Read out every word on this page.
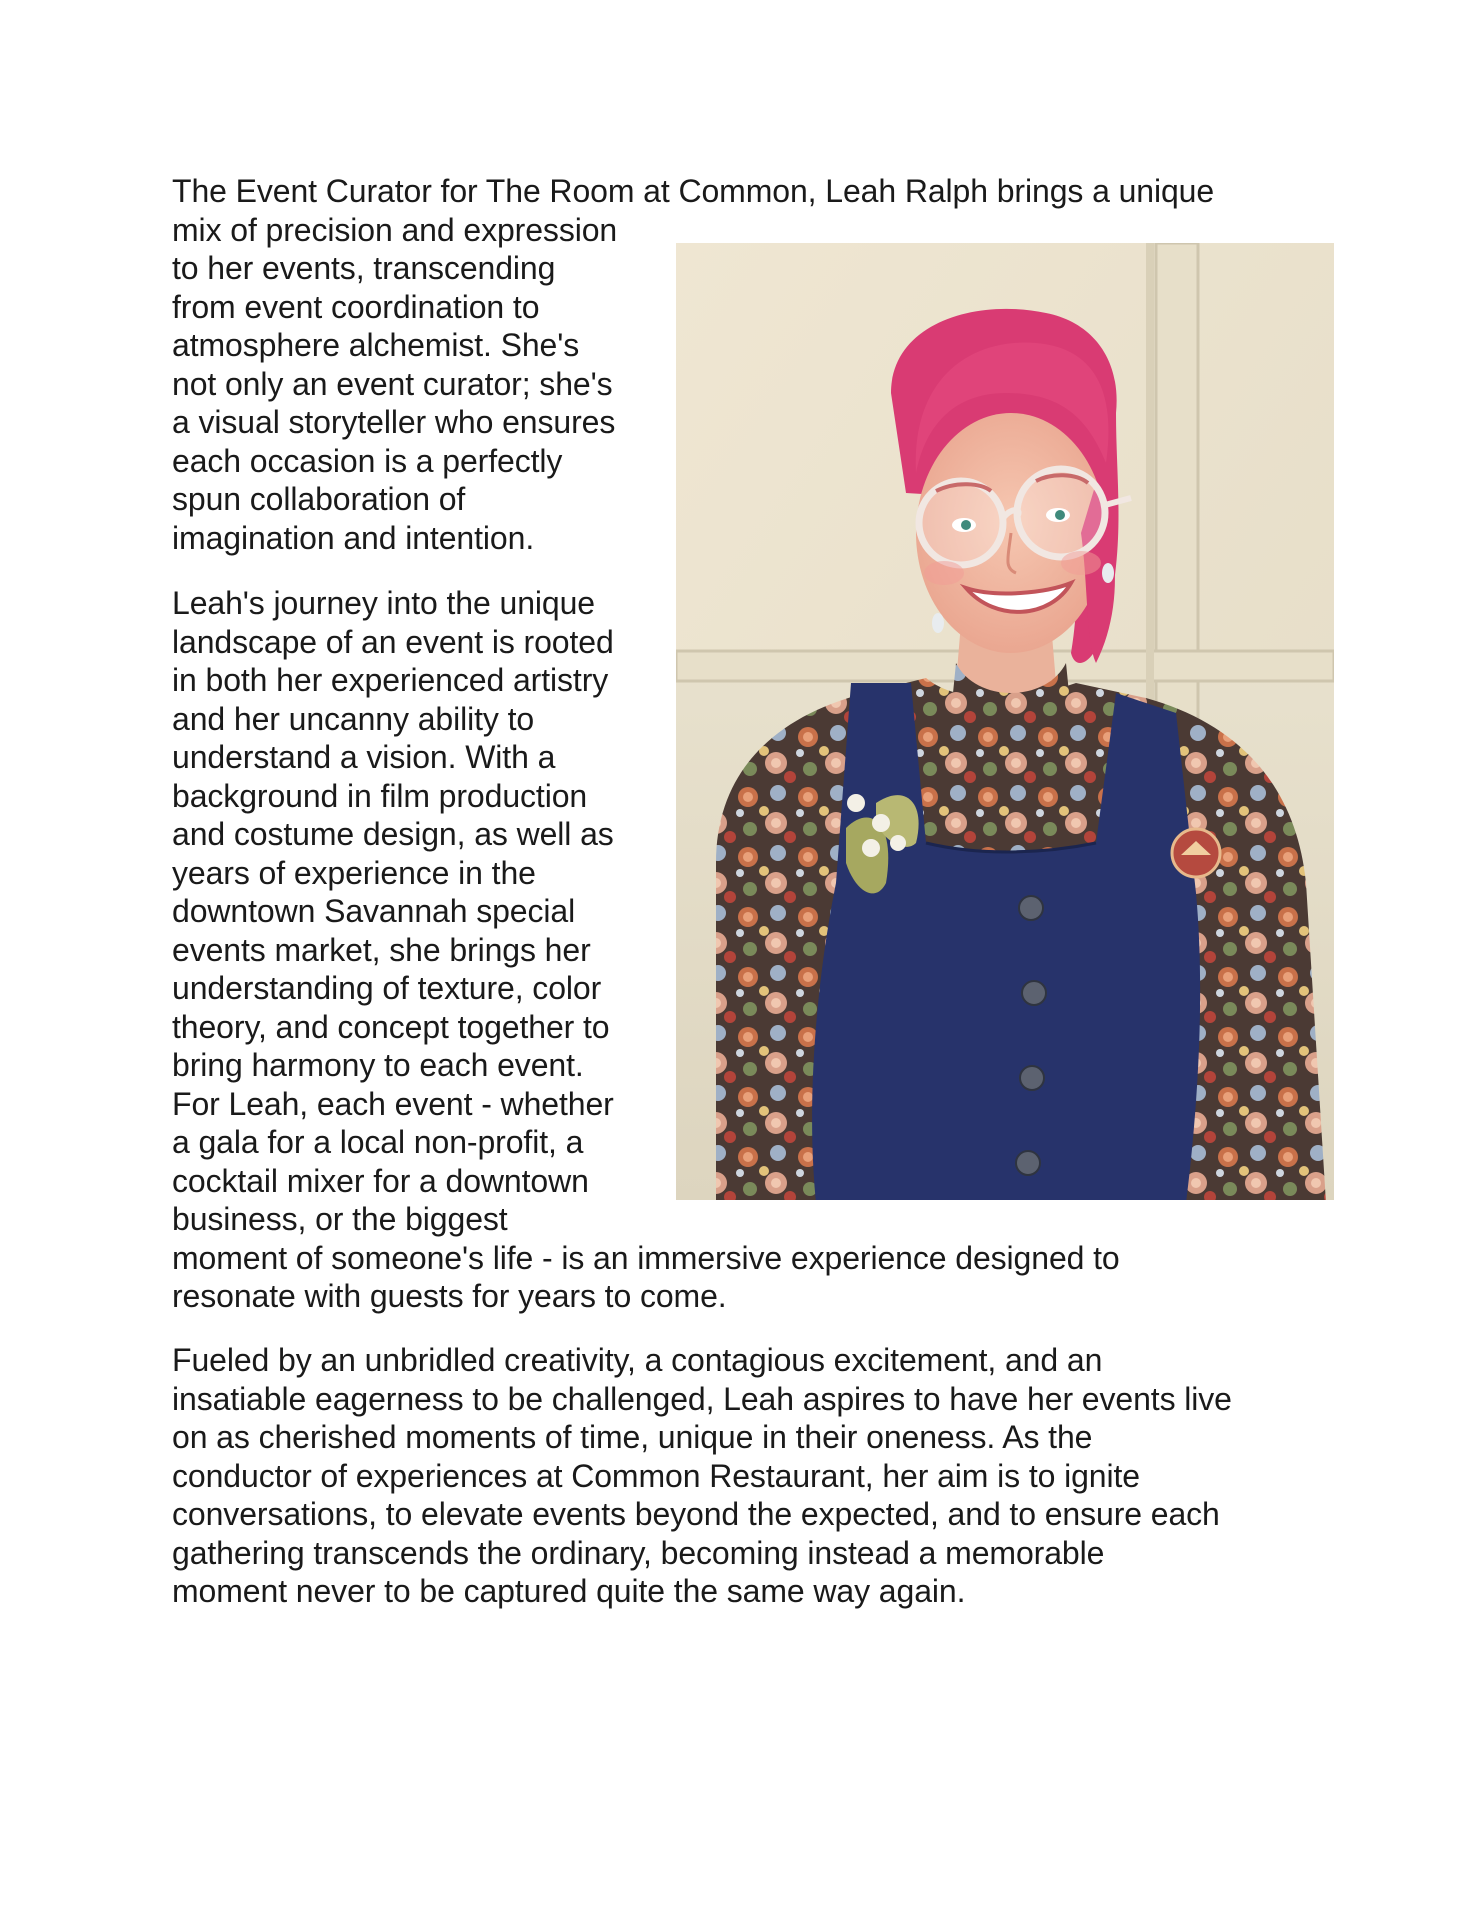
The Event Curator for The Room at Common, Leah Ralph brings a unique
mix of precision and expression
to her events, transcending
from event coordination to
atmosphere alchemist. She's
not only an event curator; she's
a visual storyteller who ensures
each occasion is a perfectly
spun collaboration of
imagination and intention.
Leah's journey into the unique
landscape of an event is rooted
in both her experienced artistry
and her uncanny ability to
understand a vision. With a
background in film production
and costume design, as well as
years of experience in the
downtown Savannah special
events market, she brings her
understanding of texture, color
theory, and concept together to
bring harmony to each event.
For Leah, each event - whether
a gala for a local non-profit, a
cocktail mixer for a downtown
business, or the biggest
moment of someone's life - is an immersive experience designed to
resonate with guests for years to come.
Fueled by an unbridled creativity, a contagious excitement, and an
insatiable eagerness to be challenged, Leah aspires to have her events live
on as cherished moments of time, unique in their oneness. As the
conductor of experiences at Common Restaurant, her aim is to ignite
conversations, to elevate events beyond the expected, and to ensure each
gathering transcends the ordinary, becoming instead a memorable
moment never to be captured quite the same way again.
